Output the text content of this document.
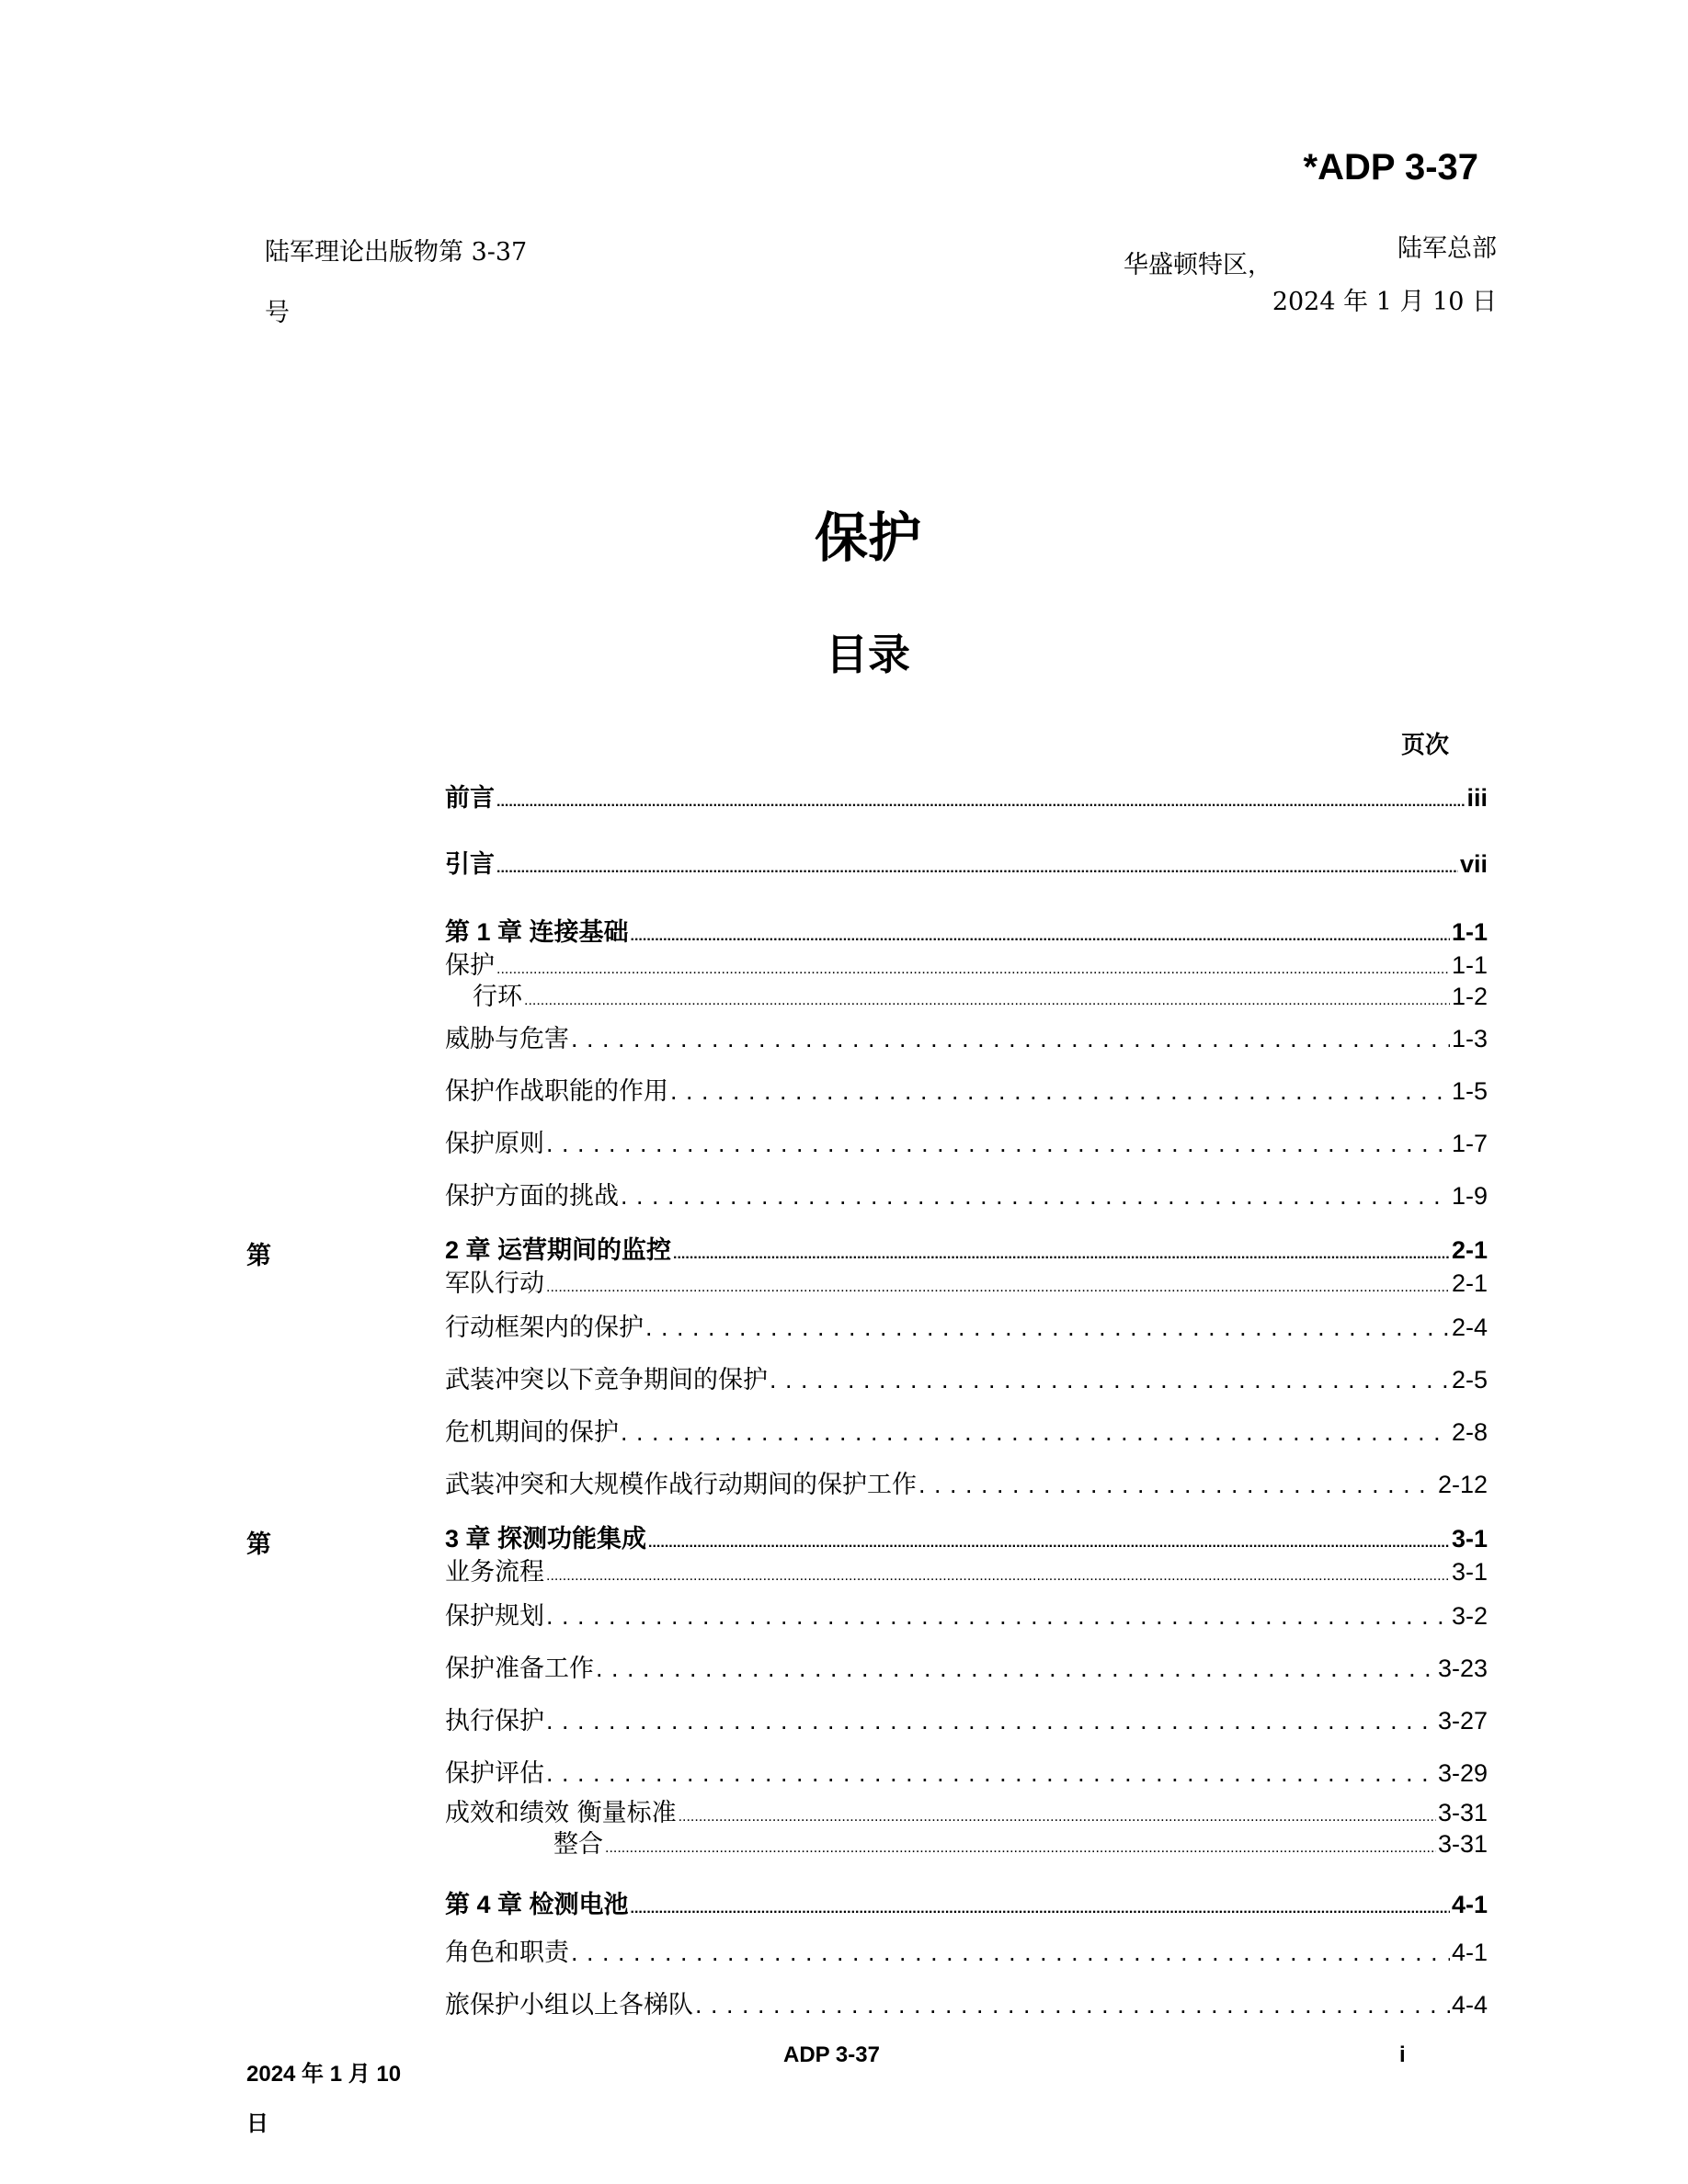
*ADP 3-37
陆军理论出版物第 3-37
号
华盛顿特区，
陆军总部
2024 年 1 月 10 日
保护
目录
页次
前言 .....	iii
引言 .....	vii
第 1 章 连接基础 .....	1-1
保护 .....	1-1
行环 .....	1-2
威胁与危害 . . .	1-3
保护作战职能的作用 . . .	1-5
保护原则 . . .	1-7
保护方面的挑战 . . .	1-9
第	2 章 运营期间的监控 .....	2-1
军队行动 .....	2-1
行动框架内的保护 . . .	2-4
武装冲突以下竞争期间的保护 . . .	2-5
危机期间的保护 . . .	2-8
武装冲突和大规模作战行动期间的保护工作 . . .	2-12
第	3 章 探测功能集成 .....	3-1
业务流程 .....	3-1
保护规划 . . .	3-2
保护准备工作 . . .	3-23
执行保护 . . .	3-27
保护评估 . . .	3-29
成效和绩效 衡量标准 .....	3-31
整合 .....	3-31
第 4 章 检测电池 .....	4-1
角色和职责 . . .	4-1
旅保护小组以上各梯队 . . .	4-4
2024 年 1 月 10
日
ADP 3-37	i
